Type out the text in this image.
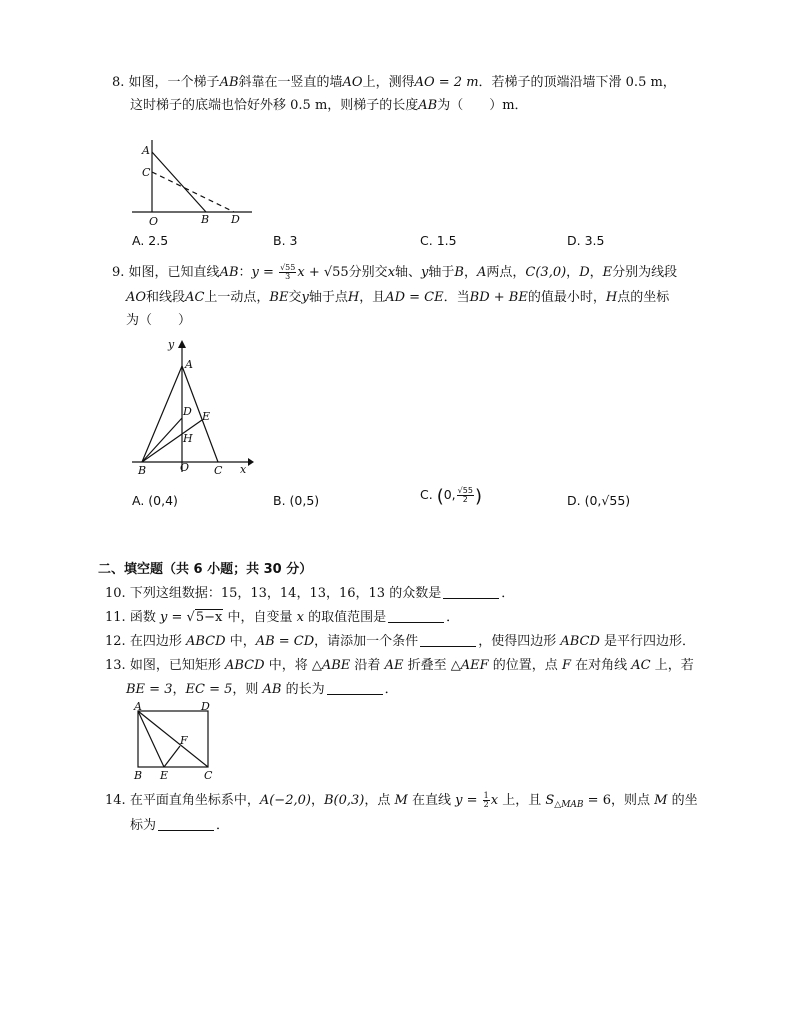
8. 如图，一个梯子AB斜靠在一竖直的墙AO上，测得AO = 2 m．若梯子的顶端沿墙下滑 0.5 m，
这时梯子的底端也恰好外移 0.5 m，则梯子的长度AB为（　　）m．
A
C
O	B D
A. 2.5	B. 3	C. 1.5	D. 3.5
9. 如图，已知直线AB：$y = \frac{√55}{3}$ x + √55分别交x轴、y轴于B，A两点，C(3,0)，D，E分别为线段
AO和线段AC上一动点，BE交y轴于点H，且AD = CE．当BD + BE的值最小时，H点的坐标
为（　　）
y
A
D E
H
B	O C x
A. (0,4)	B. (0,5)	C. (0, $\frac{√55}{2}$ )	D. (0,√55)
二、填空题（共 6 小题；共 30 分）
10. 下列这组数据：15，13，14，13，16，13 的众数是	．
11. 函数 y = √5−x 中，自变量 x 的取值范围是	．
12. 在四边形 ABCD 中，AB = CD，请添加一个条件	，使得四边形 ABCD 是平行四边形．
13. 如图，已知矩形 ABCD 中，将 △ABE 沿着 AE 折叠至 △AEF 的位置，点 F 在对角线 AC 上，若
BE = 3，EC = 5，则 AB 的长为	．
A	D
F
B E	C
14. 在平面直角坐标系中，A(−2,0)，B(0,3)，点 M 在直线 $y = \frac{1}{2}$ x 上，且 $S_{\triangle MAB} = 6$，则点 M 的坐
标为	．
